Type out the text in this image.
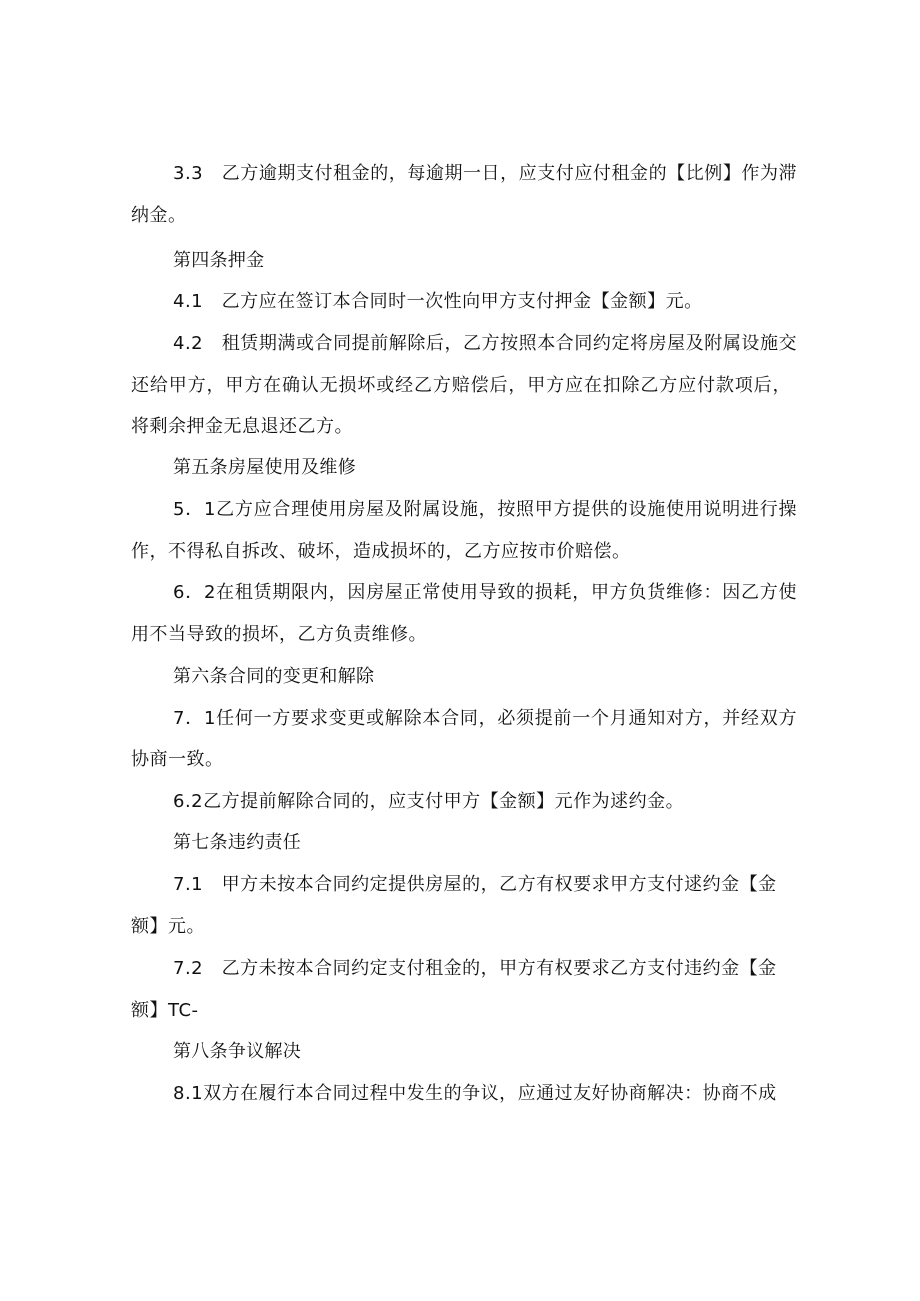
3.3　乙方逾期支付租金的，每逾期一日，应支付应付租金的【比例】作为滞

纳金。

第四条押金

4.1　乙方应在签订本合同时一次性向甲方支付押金【金额】元。

4.2　租赁期满或合同提前解除后，乙方按照本合同约定将房屋及附属设施交

还给甲方，甲方在确认无损坏或经乙方赔偿后，甲方应在扣除乙方应付款项后，

将剩余押金无息退还乙方。

第五条房屋使用及维修

5．1乙方应合理使用房屋及附属设施，按照甲方提供的设施使用说明进行操

作，不得私自拆改、破坏，造成损坏的，乙方应按市价赔偿。

6．2在租赁期限内，因房屋正常使用导致的损耗，甲方负货维修：因乙方使

用不当导致的损坏，乙方负责维修。

第六条合同的变更和解除

7．1任何一方要求变更或解除本合同，必须提前一个月通知对方，并经双方

协商一致。

6.2乙方提前解除合同的，应支付甲方【金额】元作为逑约金。

第七条违约责任

7.1　甲方未按本合同约定提供房屋的，乙方有权要求甲方支付逑约金【金

额】元。

7.2　乙方未按本合同约定支付租金的，甲方有权要求乙方支付违约金【金

额】TC-

第八条争议解决

8.1双方在履行本合同过程中发生的争议，应通过友好协商解决：协商不成
